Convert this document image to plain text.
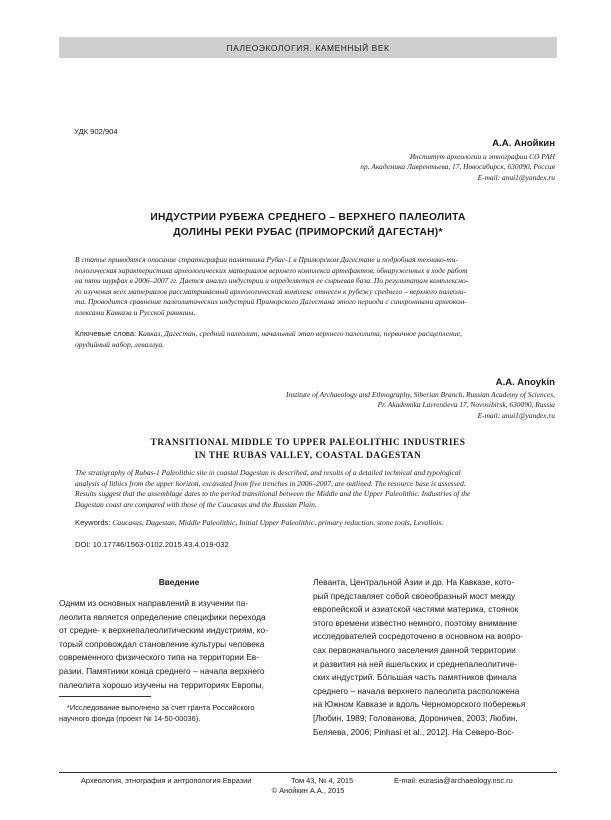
ПАЛЕОЭКОЛОГИЯ. КАМЕННЫЙ ВЕК
УДК 902/904
А.А. Анойкин
Институт археологии и этнографии СО РАН
пр. Академика Лаврентьева, 17, Новосибирск, 630090, Россия
E-mail: anui1@yandex.ru
ИНДУСТРИИ РУБЕЖА СРЕДНЕГО – ВЕРХНЕГО ПАЛЕОЛИТА
ДОЛИНЫ РЕКИ РУБАС (ПРИМОРСКИЙ ДАГЕСТАН)*
В статье приводятся описание стратиграфии памятника Рубас-1 в Приморском Дагестане и подробная технико-ти-
пологическая характеристика археологических материалов верхнего комплекса артефактов, обнаруженных в ходе работ
на пяти шурфах в 2006–2007 гг. Дается анализ индустрии и определяется ее сырьевая база. По результатам комплексно-
го изучения всех материалов рассматриваемый археологический комплекс отнесен к рубежу среднего – верхнего палеоли-
та. Проводится сравнение палеолитических индустрий Приморского Дагестана этого периода с синхронными археоком-
плексами Кавказа и Русской равнины.
Ключевые слова: Кавказ, Дагестан, средний палеолит, начальный этап верхнего палеолита, первичное расщепление,
орудийный набор, леваллуа.
A.A. Anoykin
Institute of Archaeology and Ethnography, Siberian Branch, Russian Academy of Sciences,
Pr. Akademika Lavrentieva 17, Novosibirsk, 630090, Russia
E-mail: anui1@yandex.ru
TRANSITIONAL MIDDLE TO UPPER PALEOLITHIC INDUSTRIES
IN THE RUBAS VALLEY, COASTAL DAGESTAN
The stratigraphy of Rubas-1 Paleolithic site in coastal Dagestan is described, and results of a detailed technical and typological
analysis of lithics from the upper horizon, excavated from five trenches in 2006–2007, are outlined. The resource base is assessed.
Results suggest that the assemblage dates to the period transitional between the Middle and the Upper Paleolithic. Industries of the
Dagestan coast are compared with those of the Caucasus and the Russian Plain.
Keywords: Caucasus, Dagestan, Middle Paleolithic, Initial Upper Paleolithic, primary reduction, stone tools, Levallois.
DOI: 10.17746/1563-0102.2015.43.4.019-032
Введение
Одним из основных направлений в изучении па-
леолита является определение специфики перехода
от средне- к верхнепалеолитическим индустриям, ко-
торый сопровождал становление культуры человека
современного физического типа на территории Ев-
разии. Памятники конца среднего – начала верхнего
палеолита хорошо изучены на территориях Европы,
Леванта, Центральной Азии и др. На Кавказе, кото-
рый представляет собой своеобразный мост между
европейской и азиатской частями материка, стоянок
этого времени известно немного, поэтому внимание
исследователей сосредоточено в основном на вопро-
сах первоначального заселения данной территории
и развития на ней ашельских и среднепалеолитиче-
ских индустрий. Бóльшая часть памятников финала
среднего – начала верхнего палеолита расположена
на Южном Кавказе и вдоль Черноморского побережья
[Любин, 1989; Голованова, Дороничев, 2003; Любин,
Беляева, 2006; Pinhasi et al., 2012]. На Северо-Вос-
*Исследование выполнено за счет гранта Российского
научного фонда (проект № 14-50-00036).
Археология, этнография и антропология Евразии	Том 43, № 4, 2015	E-mail: eurasia@archaeology.nsc.ru
© Анойкин А.А., 2015
